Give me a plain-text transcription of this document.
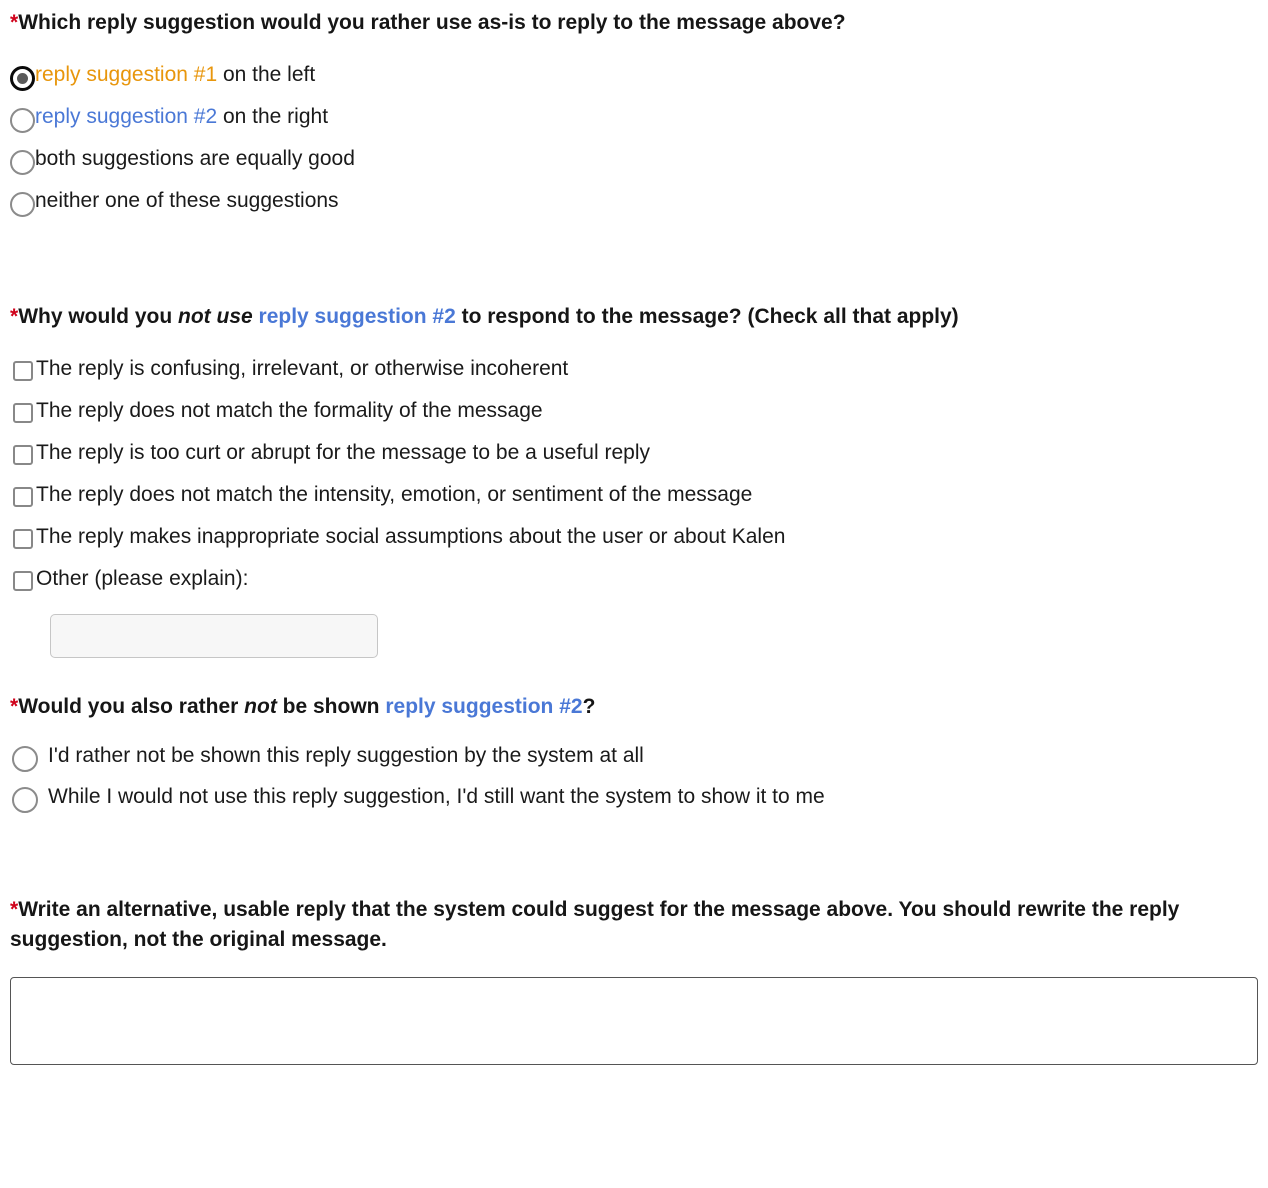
*Which reply suggestion would you rather use as-is to reply to the message above?
reply suggestion #1 on the left
reply suggestion #2 on the right
both suggestions are equally good
neither one of these suggestions
*Why would you not use reply suggestion #2 to respond to the message? (Check all that apply)
The reply is confusing, irrelevant, or otherwise incoherent
The reply does not match the formality of the message
The reply is too curt or abrupt for the message to be a useful reply
The reply does not match the intensity, emotion, or sentiment of the message
The reply makes inappropriate social assumptions about the user or about Kalen
Other (please explain):
*Would you also rather not be shown reply suggestion #2?
I'd rather not be shown this reply suggestion by the system at all
While I would not use this reply suggestion, I'd still want the system to show it to me
*Write an alternative, usable reply that the system could suggest for the message above. You should rewrite the reply suggestion, not the original message.
